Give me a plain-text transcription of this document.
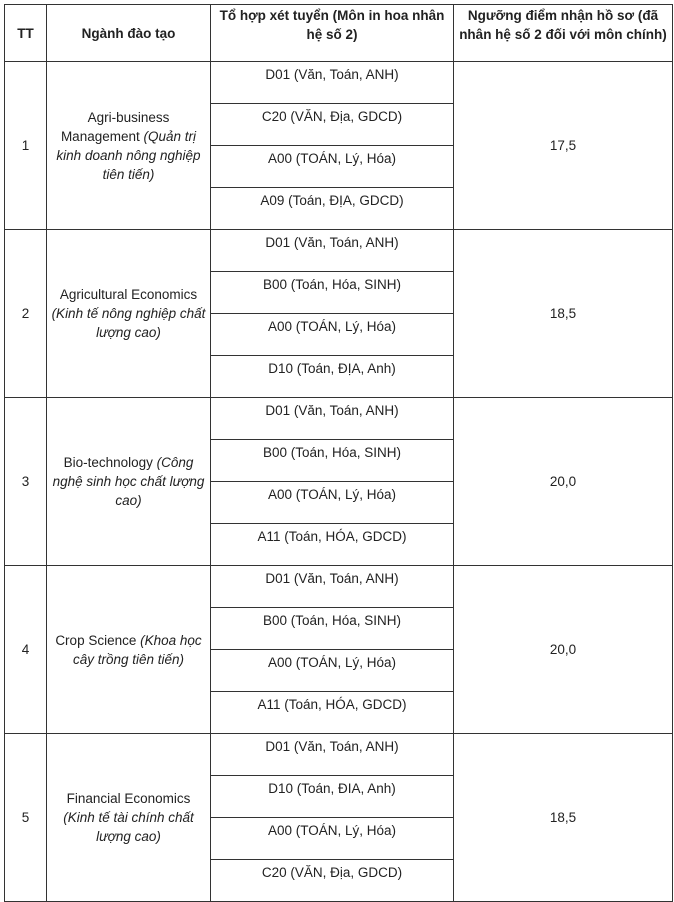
TT	Ngành đào tạo	Tổ hợp xét tuyển (Môn in hoa nhân hệ số 2)	Ngưỡng điểm nhận hồ sơ (đã nhân hệ số 2 đối với môn chính)
1	Agri-business Management (Quản trị kinh doanh nông nghiệp tiên tiến)	D01 (Văn, Toán, ANH)	17,5
		C20 (VĂN, Địa, GDCD)	
		A00 (TOÁN, Lý, Hóa)	
		A09 (Toán, ĐỊA, GDCD)	
2	Agricultural Economics (Kinh tế nông nghiệp chất lượng cao)	D01 (Văn, Toán, ANH)	18,5
		B00 (Toán, Hóa, SINH)	
		A00 (TOÁN, Lý, Hóa)	
		D10 (Toán, ĐỊA, Anh)	
3	Bio-technology (Công nghệ sinh học chất lượng cao)	D01 (Văn, Toán, ANH)	20,0
		B00 (Toán, Hóa, SINH)	
		A00 (TOÁN, Lý, Hóa)	
		A11 (Toán, HÓA, GDCD)	
4	Crop Science (Khoa học cây trồng tiên tiến)	D01 (Văn, Toán, ANH)	20,0
		B00 (Toán, Hóa, SINH)	
		A00 (TOÁN, Lý, Hóa)	
		A11 (Toán, HÓA, GDCD)	
5	Financial Economics (Kinh tế tài chính chất lượng cao)	D01 (Văn, Toán, ANH)	18,5
		D10 (Toán, ĐIA, Anh)	
		A00 (TOÁN, Lý, Hóa)	
		C20 (VĂN, Địa, GDCD)	
